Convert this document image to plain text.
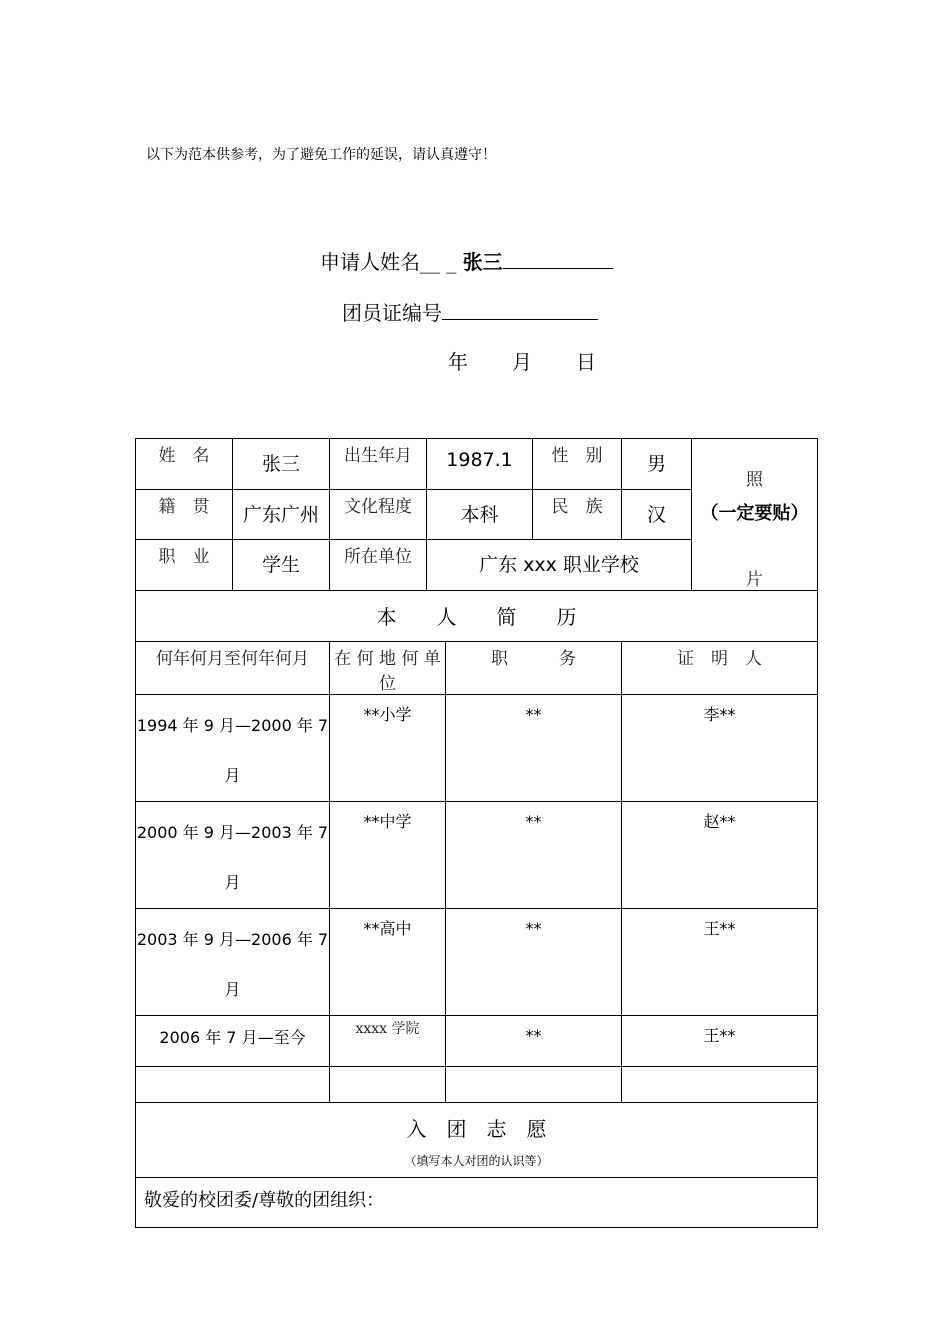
以下为范本供参考，为了避免工作的延误，请认真遵守！
申请人姓名__ _ 张三
团员证编号
年 月 日
姓　名	张三	出生年月	1987.1		性　别	男	照
（一定要贴）
片

籍　贯	广东广州	文化程度	本科		民　族	汉	
职　业	学生	所在单位	广东 xxx 职业学校				
本　　人　　简　　历							
何年何月至何年何月		在 何 地 何 单 位		职　　　务		证　明　人	
1994 年 9 月—2000 年 7 月		**小学		**		李**	
2000 年 9 月—2003 年 7 月		**中学		**		赵**	
2003 年 9 月—2006 年 7 月		**高中		**		王**	
2006 年 7 月—至今		xxxx 学院		**		王**	

入　团　志　愿
（填写本人对团的认识等）							

敬爱的校团委/尊敬的团组织：							
